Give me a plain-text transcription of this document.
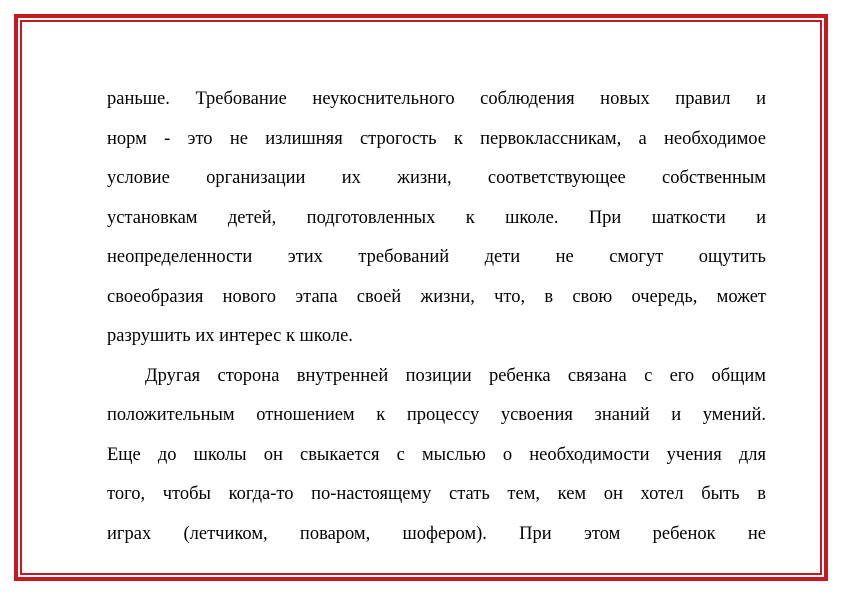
раньше. Требование неукоснительного соблюдения новых правил и
норм - это не излишняя строгость к первоклассникам, а необходимое
условие организации их жизни, соответствующее собственным
установкам детей, подготовленных к школе. При шаткости и
неопределенности этих требований дети не смогут ощутить
своеобразия нового этапа своей жизни, что, в свою очередь, может
разрушить их интерес к школе.
Другая сторона внутренней позиции ребенка связана с его общим
положительным отношением к процессу усвоения знаний и умений.
Еще до школы он свыкается с мыслью о необходимости учения для
того, чтобы когда-то по-настоящему стать тем, кем он хотел быть в
играх (летчиком, поваром, шофером). При этом ребенок не
